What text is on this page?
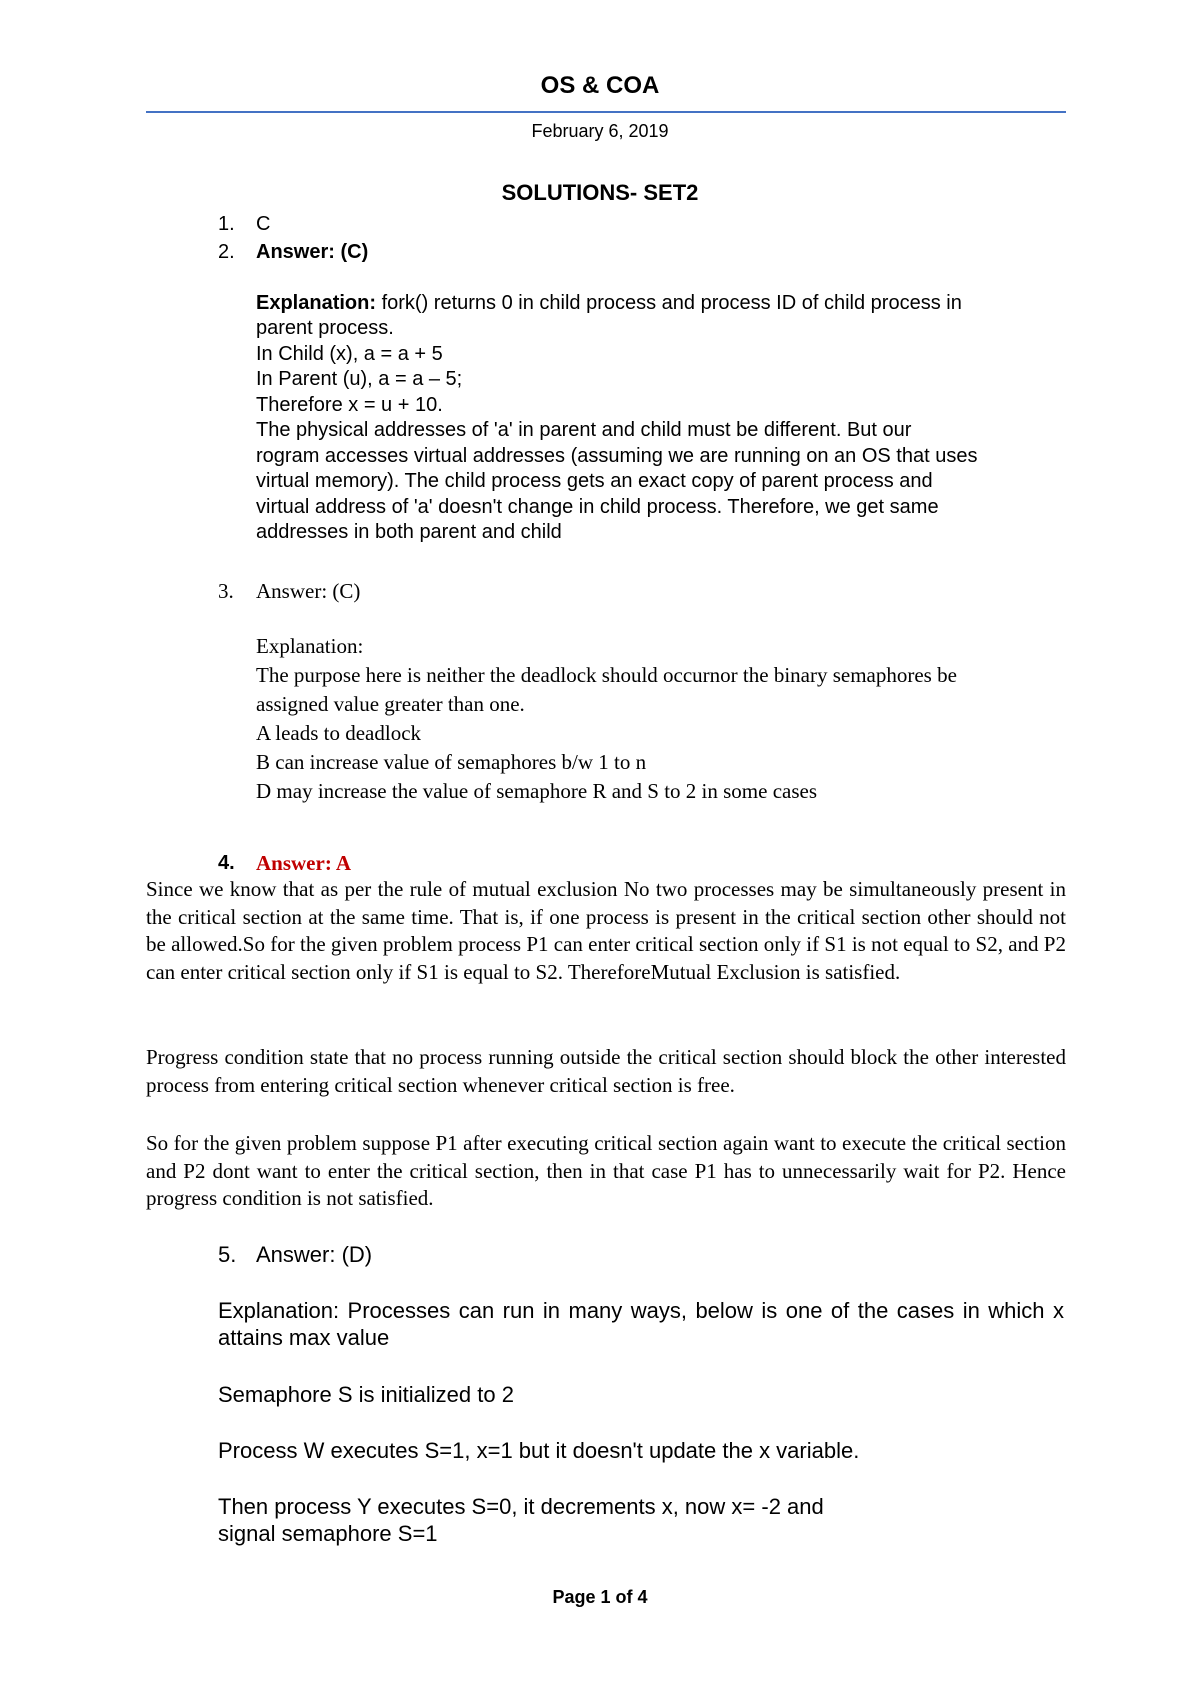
OS & COA
February 6, 2019
SOLUTIONS- SET2
1. C
2. Answer: (C)
Explanation: fork() returns 0 in child process and process ID of child process in
parent process.
In Child (x), a = a + 5
In Parent (u), a = a – 5;
Therefore x = u + 10.
The physical addresses of 'a' in parent and child must be different. But our
rogram accesses virtual addresses (assuming we are running on an OS that uses
virtual memory). The child process gets an exact copy of parent process and
virtual address of 'a' doesn't change in child process. Therefore, we get same
addresses in both parent and child
3. Answer: (C)
Explanation:
The purpose here is neither the deadlock should occurnor the binary semaphores be
assigned value greater than one.
A leads to deadlock
B can increase value of semaphores b/w 1 to n
D may increase the value of semaphore R and S to 2 in some cases
4. Answer: A
Since we know that as per the rule of mutual exclusion No two processes may be simultaneously present in the critical section at the same time. That is, if one process is present in the critical section other should not be allowed.So for the given problem process P1 can enter critical section only if S1 is not equal to S2, and P2 can enter critical section only if S1 is equal to S2. ThereforeMutual Exclusion is satisfied.
Progress condition state that no process running outside the critical section should block the other interested process from entering critical section whenever critical section is free.
So for the given problem suppose P1 after executing critical section again want to execute the critical section and P2 dont want to enter the critical section, then in that case P1 has to unnecessarily wait for P2. Hence progress condition is not satisfied.
5. Answer: (D)
Explanation: Processes can run in many ways, below is one of the cases in which x attains max value
Semaphore S is initialized to 2
Process W executes S=1, x=1 but it doesn't update the x variable.
Then process Y executes S=0, it decrements x, now x= -2 and
signal semaphore S=1
Page 1 of 4
